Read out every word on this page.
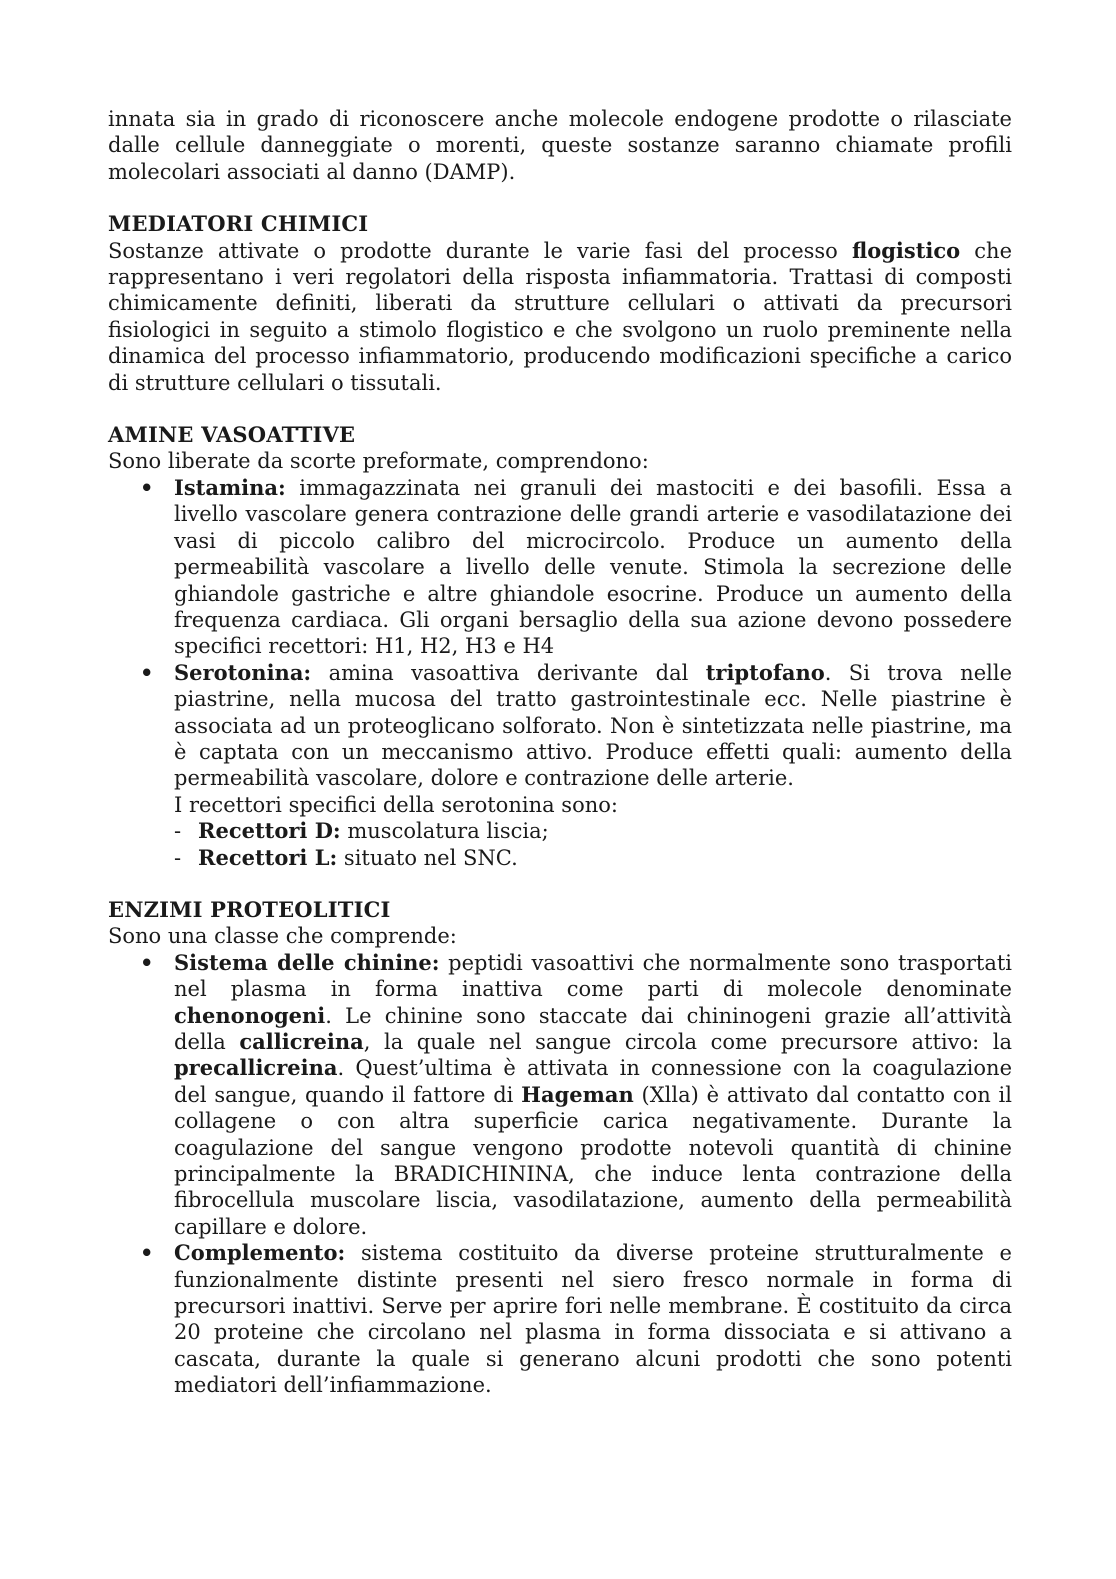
innata sia in grado di riconoscere anche molecole endogene prodotte o rilasciate dalle cellule danneggiate o morenti, queste sostanze saranno chiamate profili molecolari associati al danno (DAMP).

MEDIATORI CHIMICI

Sostanze attivate o prodotte durante le varie fasi del processo flogistico che rappresentano i veri regolatori della risposta infiammatoria. Trattasi di composti chimicamente definiti, liberati da strutture cellulari o attivati da precursori fisiologici in seguito a stimolo flogistico e che svolgono un ruolo preminente nella dinamica del processo infiammatorio, producendo modificazioni specifiche a carico di strutture cellulari o tissutali.

AMINE VASOATTIVE

Sono liberate da scorte preformate, comprendono:

• Istamina: immagazzinata nei granuli dei mastociti e dei basofili. Essa a livello vascolare genera contrazione delle grandi arterie e vasodilatazione dei vasi di piccolo calibro del microcircolo. Produce un aumento della permeabilità vascolare a livello delle venute. Stimola la secrezione delle ghiandole gastriche e altre ghiandole esocrine. Produce un aumento della frequenza cardiaca. Gli organi bersaglio della sua azione devono possedere specifici recettori: H1, H2, H3 e H4
• Serotonina: amina vasoattiva derivante dal triptofano. Si trova nelle piastrine, nella mucosa del tratto gastrointestinale ecc. Nelle piastrine è associata ad un proteoglicano solforato. Non è sintetizzata nelle piastrine, ma è captata con un meccanismo attivo. Produce effetti quali: aumento della permeabilità vascolare, dolore e contrazione delle arterie.
I recettori specifici della serotonina sono:
- Recettori D: muscolatura liscia;
- Recettori L: situato nel SNC.

ENZIMI PROTEOLITICI

Sono una classe che comprende:

• Sistema delle chinine: peptidi vasoattivi che normalmente sono trasportati nel plasma in forma inattiva come parti di molecole denominate chenonogeni. Le chinine sono staccate dai chininogeni grazie all’attività della callicreina, la quale nel sangue circola come precursore attivo: la precallicreina. Quest’ultima è attivata in connessione con la coagulazione del sangue, quando il fattore di Hageman (Xlla) è attivato dal contatto con il collagene o con altra superficie carica negativamente. Durante la coagulazione del sangue vengono prodotte notevoli quantità di chinine principalmente la BRADICHININA, che induce lenta contrazione della fibrocellula muscolare liscia, vasodilatazione, aumento della permeabilità capillare e dolore.
• Complemento: sistema costituito da diverse proteine strutturalmente e funzionalmente distinte presenti nel siero fresco normale in forma di precursori inattivi. Serve per aprire fori nelle membrane. È costituito da circa 20 proteine che circolano nel plasma in forma dissociata e si attivano a cascata, durante la quale si generano alcuni prodotti che sono potenti mediatori dell’infiammazione.
